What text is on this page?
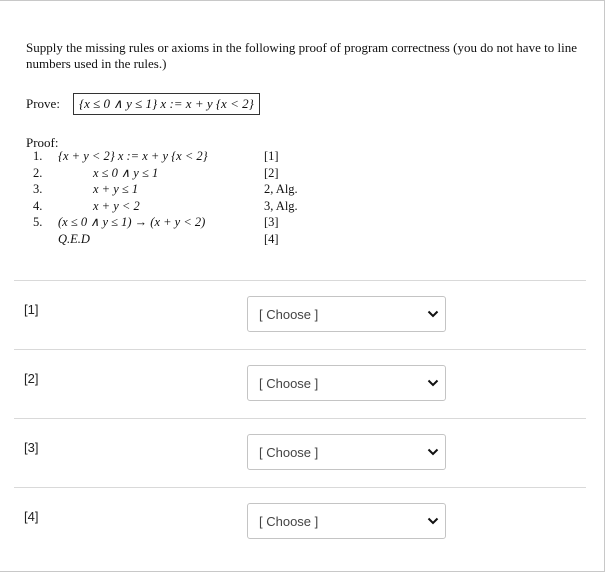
Supply the missing rules or axioms in the following proof of program correctness (you do not have to line numbers used in the rules.)
Prove:	{x ≤ 0 ∧ y ≤ 1} x := x + y {x < 2}
Proof:
1. {x + y < 2} x := x + y {x < 2}	[1]
2.	x ≤ 0 ∧ y ≤ 1	[2]
3.	x + y ≤ 1	2, Alg.
4.	x + y < 2	3, Alg.
5. (x ≤ 0 ∧ y ≤ 1) → (x + y < 2)	[3]
Q.E.D	[4]
[1]	[ Choose ]
[2]	[ Choose ]
[3]	[ Choose ]
[4]	[ Choose ]
